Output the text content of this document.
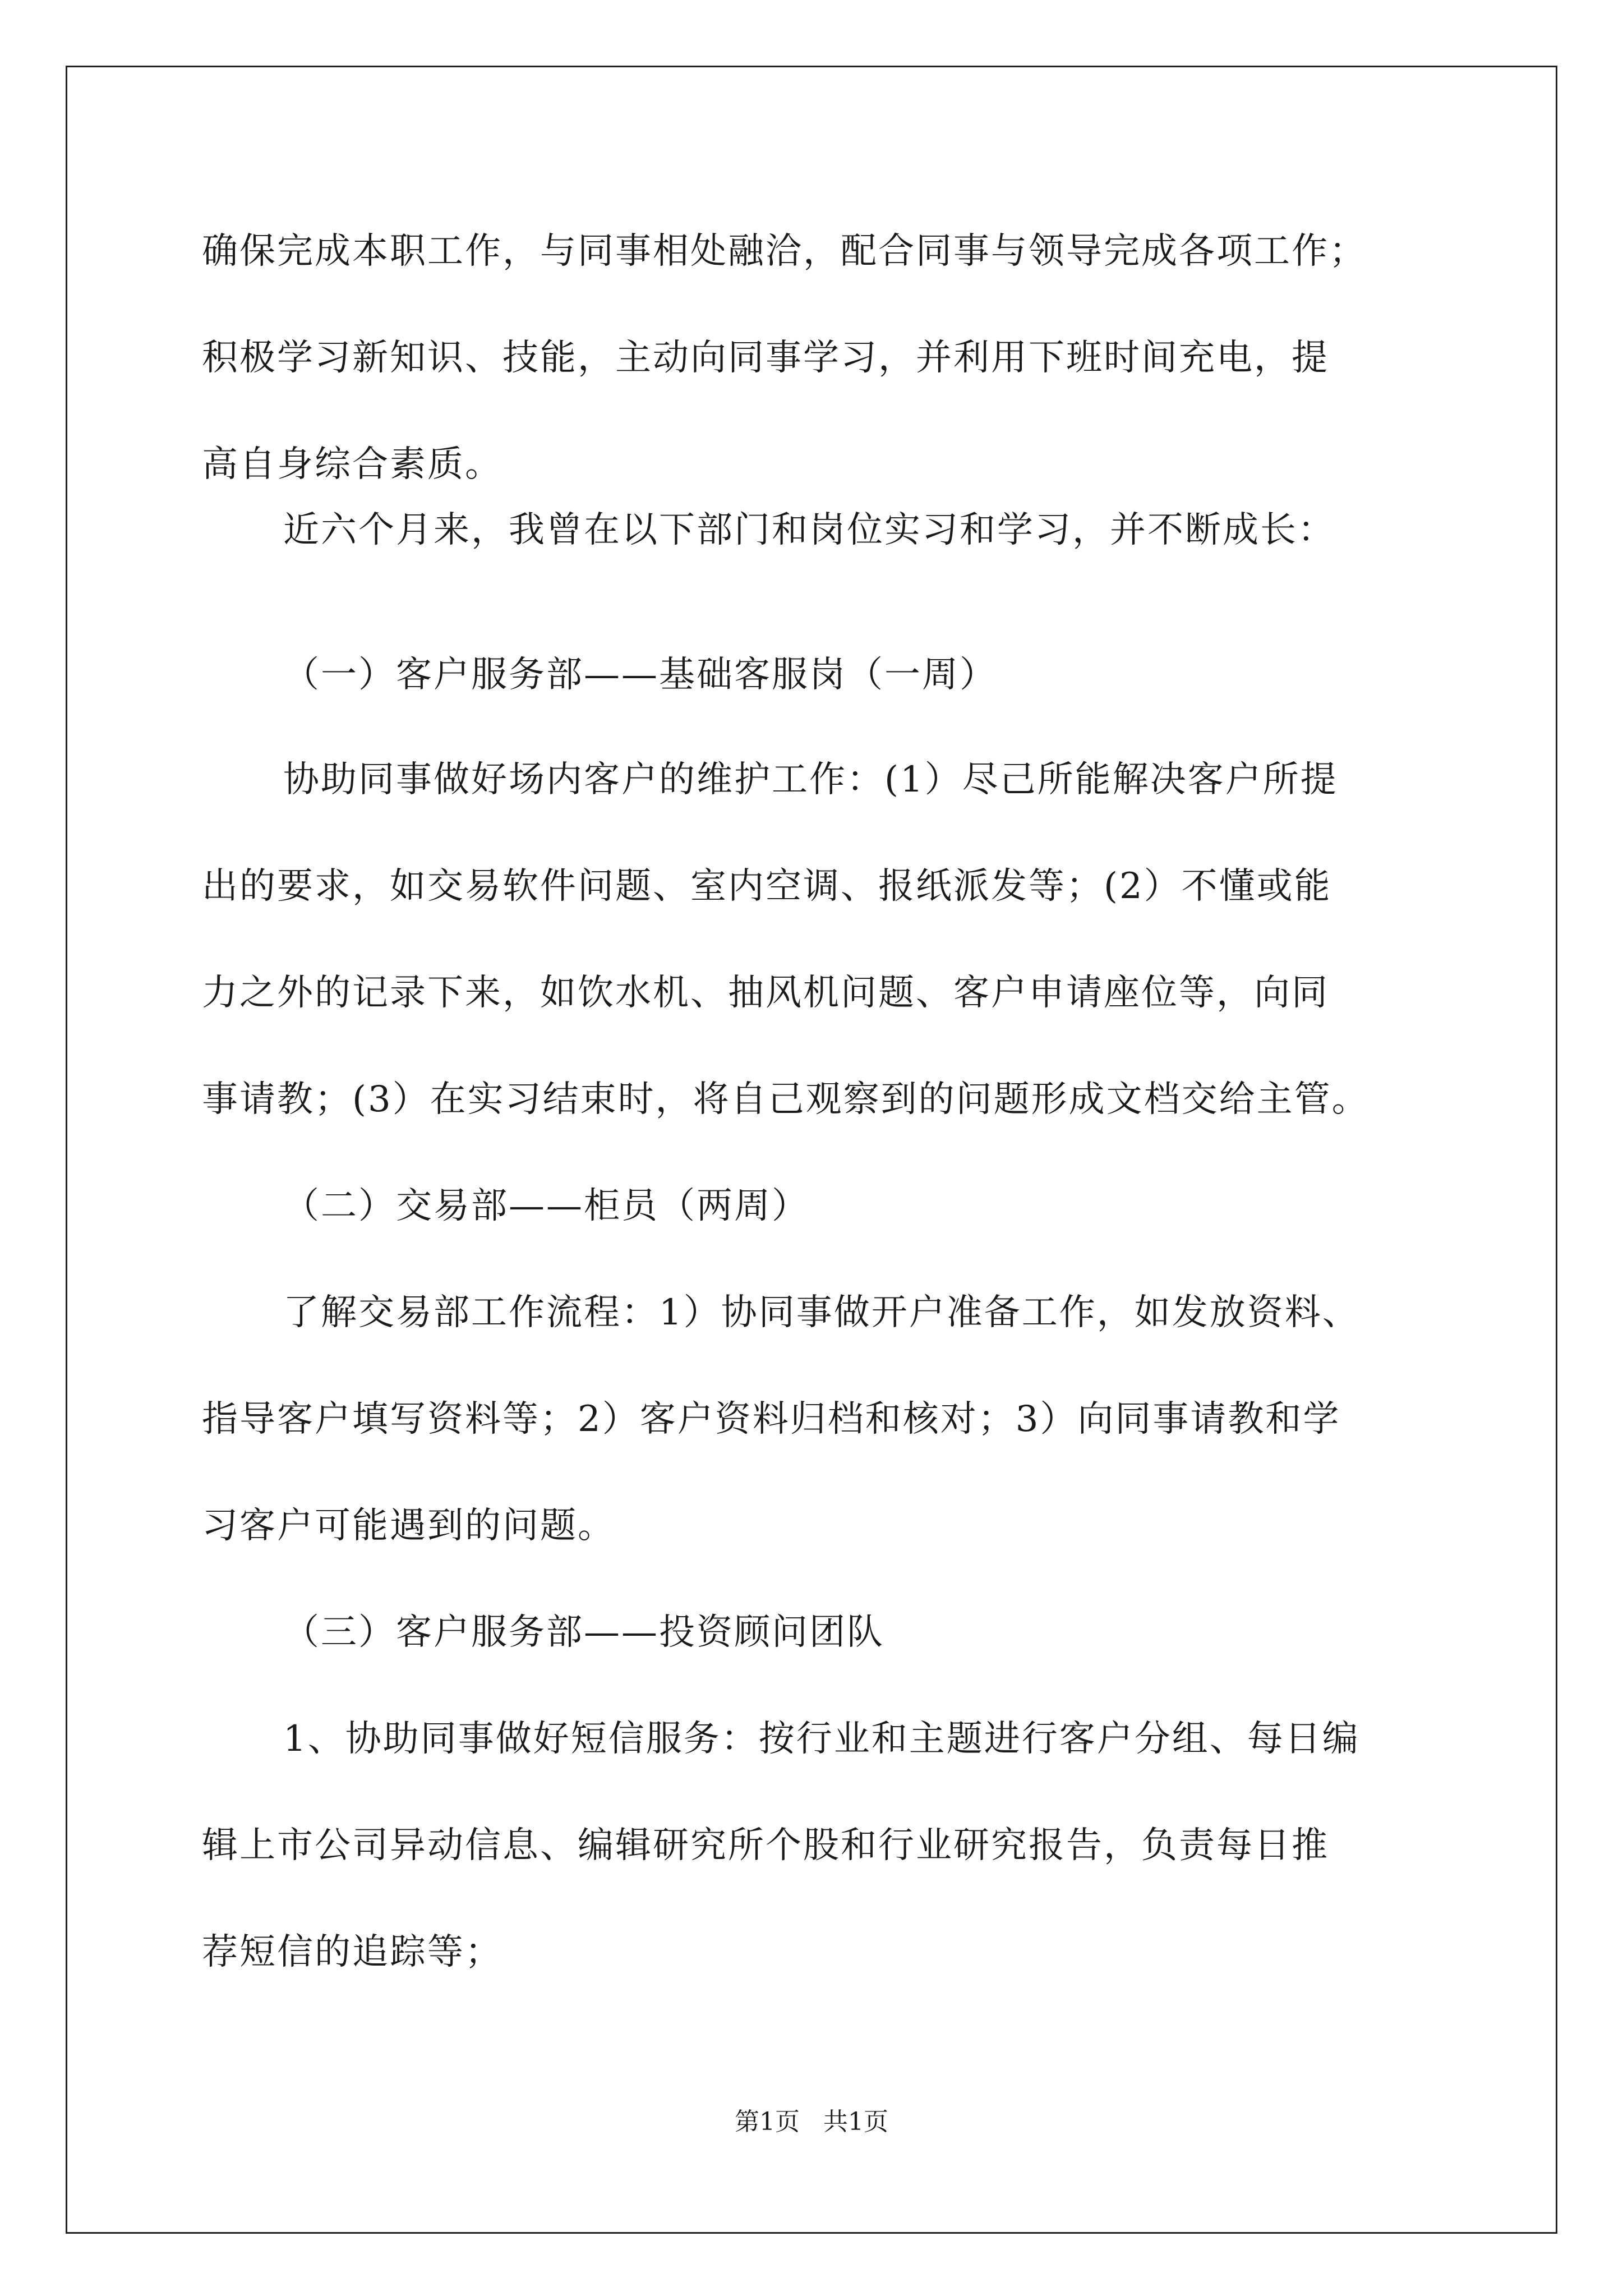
确保完成本职工作，与同事相处融洽，配合同事与领导完成各项工作；
积极学习新知识、技能，主动向同事学习，并利用下班时间充电，提
高自身综合素质。
近六个月来，我曾在以下部门和岗位实习和学习，并不断成长：
（一）客户服务部——基础客服岗（一周）
协助同事做好场内客户的维护工作：(1）尽己所能解决客户所提
出的要求，如交易软件问题、室内空调、报纸派发等；(2）不懂或能
力之外的记录下来，如饮水机、抽风机问题、客户申请座位等，向同
事请教；(3）在实习结束时，将自己观察到的问题形成文档交给主管。
（二）交易部——柜员（两周）
了解交易部工作流程：1）协同事做开户准备工作，如发放资料、
指导客户填写资料等；2）客户资料归档和核对；3）向同事请教和学
习客户可能遇到的问题。
（三）客户服务部——投资顾问团队
1、协助同事做好短信服务：按行业和主题进行客户分组、每日编
辑上市公司异动信息、编辑研究所个股和行业研究报告，负责每日推
荐短信的追踪等；
第1页 共1页
